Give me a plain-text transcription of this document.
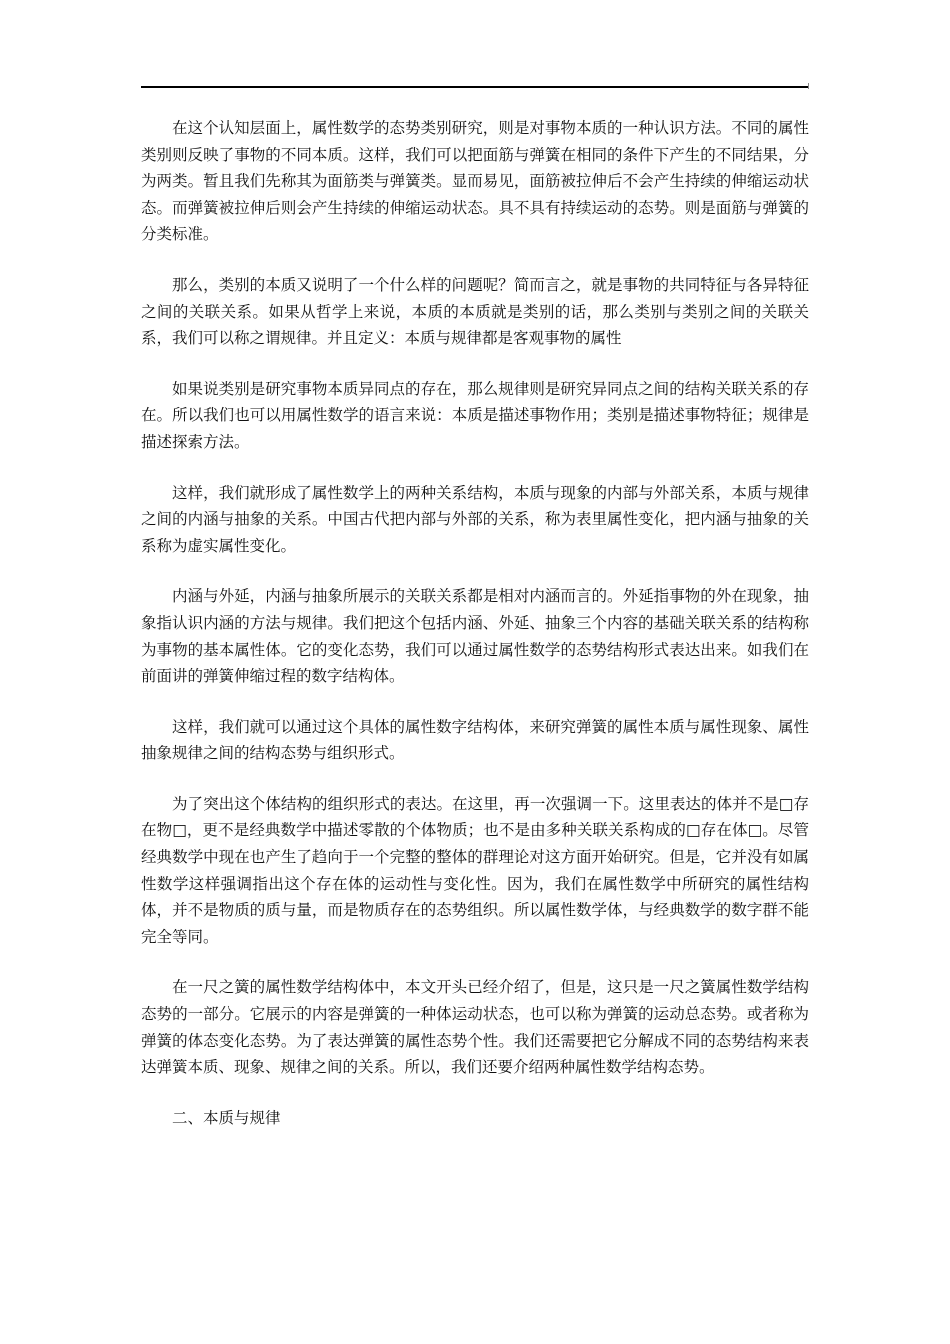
在这个认知层面上，属性数学的态势类别研究，则是对事物本质的一种认识方法。不同的属性类别则反映了事物的不同本质。这样，我们可以把面筋与弹簧在相同的条件下产生的不同结果，分为两类。暂且我们先称其为面筋类与弹簧类。显而易见，面筋被拉伸后不会产生持续的伸缩运动状态。而弹簧被拉伸后则会产生持续的伸缩运动状态。具不具有持续运动的态势。则是面筋与弹簧的分类标准。

那么，类别的本质又说明了一个什么样的问题呢？简而言之，就是事物的共同特征与各异特征之间的关联关系。如果从哲学上来说，本质的本质就是类别的话，那么类别与类别之间的关联关系，我们可以称之谓规律。并且定义：本质与规律都是客观事物的属性

如果说类别是研究事物本质异同点的存在，那么规律则是研究异同点之间的结构关联关系的存在。所以我们也可以用属性数学的语言来说：本质是描述事物作用；类别是描述事物特征；规律是描述探索方法。

这样，我们就形成了属性数学上的两种关系结构，本质与现象的内部与外部关系，本质与规律之间的内涵与抽象的关系。中国古代把内部与外部的关系，称为表里属性变化，把内涵与抽象的关系称为虚实属性变化。

内涵与外延，内涵与抽象所展示的关联关系都是相对内涵而言的。外延指事物的外在现象，抽象指认识内涵的方法与规律。我们把这个包括内涵、外延、抽象三个内容的基础关联关系的结构称为事物的基本属性体。它的变化态势，我们可以通过属性数学的态势结构形式表达出来。如我们在前面讲的弹簧伸缩过程的数字结构体。

这样，我们就可以通过这个具体的属性数字结构体，来研究弹簧的属性本质与属性现象、属性抽象规律之间的结构态势与组织形式。

为了突出这个体结构的组织形式的表达。在这里，再一次强调一下。这里表达的体并不是□存在物□，更不是经典数学中描述零散的个体物质；也不是由多种关联关系构成的□存在体□。尽管经典数学中现在也产生了趋向于一个完整的整体的群理论对这方面开始研究。但是，它并没有如属性数学这样强调指出这个存在体的运动性与变化性。因为，我们在属性数学中所研究的属性结构体，并不是物质的质与量，而是物质存在的态势组织。所以属性数学体，与经典数学的数字群不能完全等同。

在一尺之簧的属性数学结构体中，本文开头已经介绍了，但是，这只是一尺之簧属性数学结构态势的一部分。它展示的内容是弹簧的一种体运动状态，也可以称为弹簧的运动总态势。或者称为弹簧的体态变化态势。为了表达弹簧的属性态势个性。我们还需要把它分解成不同的态势结构来表达弹簧本质、现象、规律之间的关系。所以，我们还要介绍两种属性数学结构态势。

二、本质与规律
